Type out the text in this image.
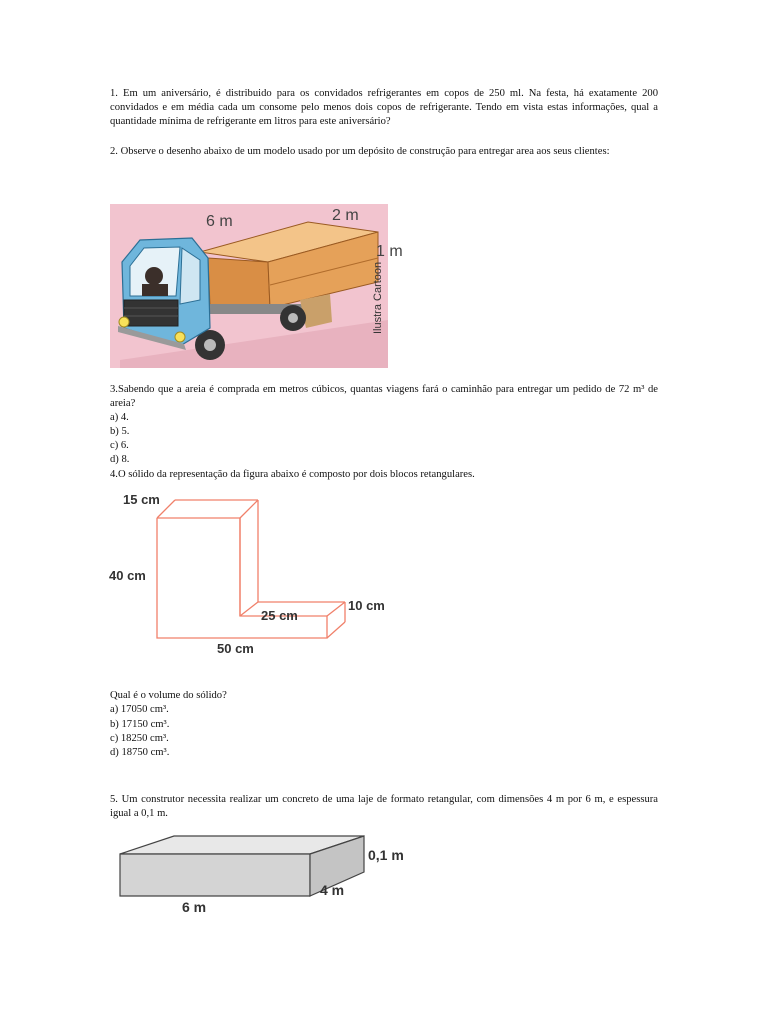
1. Em um aniversário, é distribuido para os convidados refrigerantes em copos de 250 ml. Na festa, há exatamente 200 convidados e em média cada um consome pelo menos dois copos de refrigerante. Tendo em vista estas informações, qual a quantidade mínima de refrigerante em litros para este aniversário?

2. Observe o desenho abaixo de um modelo usado por um depósito de construção para entregar area aos seus clientes:

6 m	2 m
1 m
Ilustra Cartoon

3.Sabendo que a areia é comprada em metros cúbicos, quantas viagens fará o caminhão para entregar um pedido de 72 m³ de areia?

a) 4.

b) 5.

c) 6.

d) 8.

4.O sólido da representação da figura abaixo é composto por dois blocos retangulares.

15 cm
40 cm
10 cm
25 cm
50 cm

Qual é o volume do sólido?

a) 17050 cm³.

b) 17150 cm³.

c) 18250 cm³.

d) 18750 cm³.

5. Um construtor necessita realizar um concreto de uma laje de formato retangular, com dimensões 4 m por 6 m, e espessura igual a 0,1 m.

0,1 m
4 m
6 m
